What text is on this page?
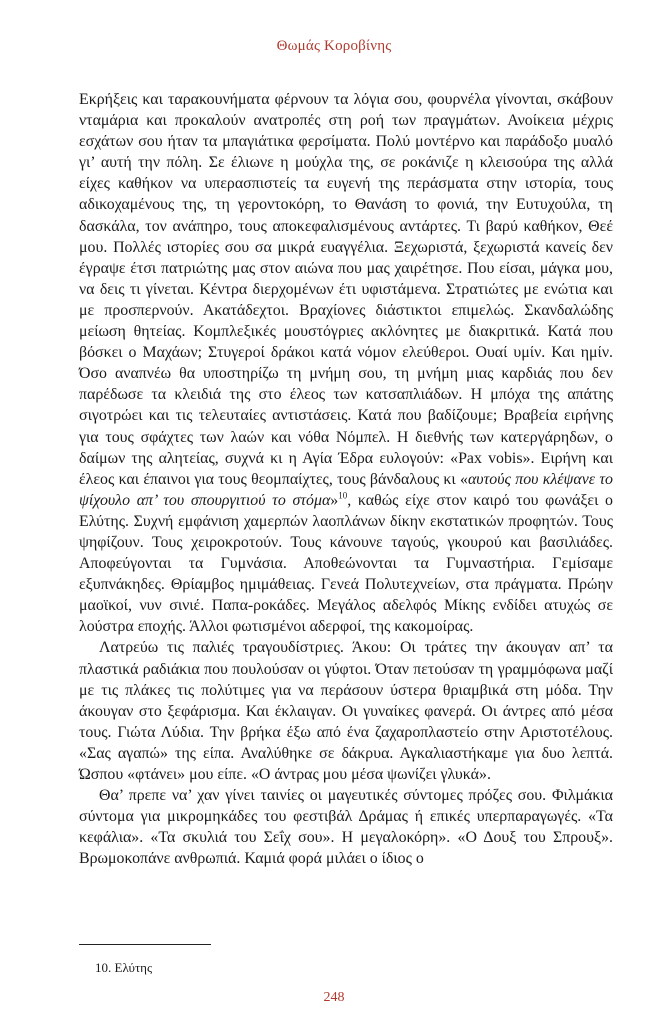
Θωμάς Κοροβίνης

Εκρήξεις και ταρακουνήματα φέρνουν τα λόγια σου, φουρνέλα γίνονται, σκάβουν νταμάρια και προκαλούν ανατροπές στη ροή των πραγμάτων. Ανοίκεια μέχρις εσχάτων σου ήταν τα μπαγιάτικα φερσίματα. Πολύ μοντέρνο και παράδοξο μυαλό γι’ αυτή την πόλη. Σε έλιωνε η μούχλα της, σε ροκάνιζε η κλεισούρα της αλλά είχες καθήκον να υπερασπιστείς τα ευγενή της περάσματα στην ιστορία, τους αδικοχαμένους της, τη γεροντοκόρη, το Θανάση το φονιά, την Ευτυχούλα, τη δασκάλα, τον ανάπηρο, τους αποκεφαλισμένους αντάρτες. Τι βαρύ καθήκον, Θεέ μου. Πολλές ιστορίες σου σα μικρά ευαγγέλια. Ξεχωριστά, ξεχωριστά κανείς δεν έγραψε έτσι πατριώτης μας στον αιώνα που μας χαιρέτησε. Που είσαι, μάγκα μου, να δεις τι γίνεται. Κέντρα διερχομένων έτι υφιστάμενα. Στρατιώτες με ενώτια και με προσπερνούν. Ακατάδεχτοι. Βραχίονες διάστικτοι επιμελώς. Σκανδαλώδης μείωση θητείας. Κομπλεξικές μουστόγριες ακλόνητες με διακριτικά. Κατά που βόσκει ο Μαχάων; Στυγεροί δράκοι κατά νόμον ελεύθεροι. Ουαί υμίν. Και ημίν. Όσο αναπνέω θα υποστηρίζω τη μνήμη σου, τη μνήμη μιας καρδιάς που δεν παρέδωσε τα κλειδιά της στο έλεος των κατσαπλιάδων. Η μπόχα της απάτης σιγοτρώει και τις τελευταίες αντιστάσεις. Κατά που βαδίζουμε; Βραβεία ειρήνης για τους σφάχτες των λαών και νόθα Νόμπελ. Η διεθνής των κατεργάρηδων, ο δαίμων της αλητείας, συχνά κι η Αγία Έδρα ευλογούν: «Pax vobis». Ειρήνη και έλεος και έπαινοι για τους θεομπαίχτες, τους βάνδαλους κι «αυτούς που κλέψανε το ψίχουλο απ’ του σπουργιτιού το στόμα»$^{10}$, καθώς είχε στον καιρό του φωνάξει ο Ελύτης. Συχνή εμφάνιση χαμερπών λαοπλάνων δίκην εκστατικών προφητών. Τους ψηφίζουν. Τους χειροκροτούν. Τους κάνουνε ταγούς, γκουρού και βασιλιάδες. Αποφεύγονται τα Γυμνάσια. Αποθεώνονται τα Γυμναστήρια. Γεμίσαμε εξυπνάκηδες. Θρίαμβος ημιμάθειας. Γενεά Πολυτεχνείων, στα πράγματα. Πρώην μαοϊκοί, νυν σινιέ. Παπα-ροκάδες. Μεγάλος αδελφός Μίκης ενδίδει ατυχώς σε λούστρα εποχής. Άλλοι φωτισμένοι αδερφοί, της κακομοίρας.

Λατρεύω τις παλιές τραγουδίστριες. Άκου: Οι τράτες την άκουγαν απ’ τα πλαστικά ραδιάκια που πουλούσαν οι γύφτοι. Όταν πετούσαν τη γραμμόφωνα μαζί με τις πλάκες τις πολύτιμες για να περάσουν ύστερα θριαμβικά στη μόδα. Την άκουγαν στο ξεφάρισμα. Και έκλαιγαν. Οι γυναίκες φανερά. Οι άντρες από μέσα τους. Γιώτα Λύδια. Την βρήκα έξω από ένα ζαχαροπλαστείο στην Αριστοτέλους. «Σας αγαπώ» της είπα. Αναλύθηκε σε δάκρυα. Αγκαλιαστήκαμε για δυο λεπτά. Ώσπου «φτάνει» μου είπε. «Ο άντρας μου μέσα ψωνίζει γλυκά».

Θα’ πρεπε να’ χαν γίνει ταινίες οι μαγευτικές σύντομες πρόζες σου. Φιλμάκια σύντομα για μικρομηκάδες του φεστιβάλ Δράμας ή επικές υπερπαραγωγές. «Τα κεφάλια». «Τα σκυλιά του Σεΐχ σου». Η μεγαλοκόρη». «Ο Δουξ του Σπρουξ». Βρωμοκοπάνε ανθρωπιά. Καμιά φορά μιλάει ο ίδιος ο

10. Ελύτης
248
